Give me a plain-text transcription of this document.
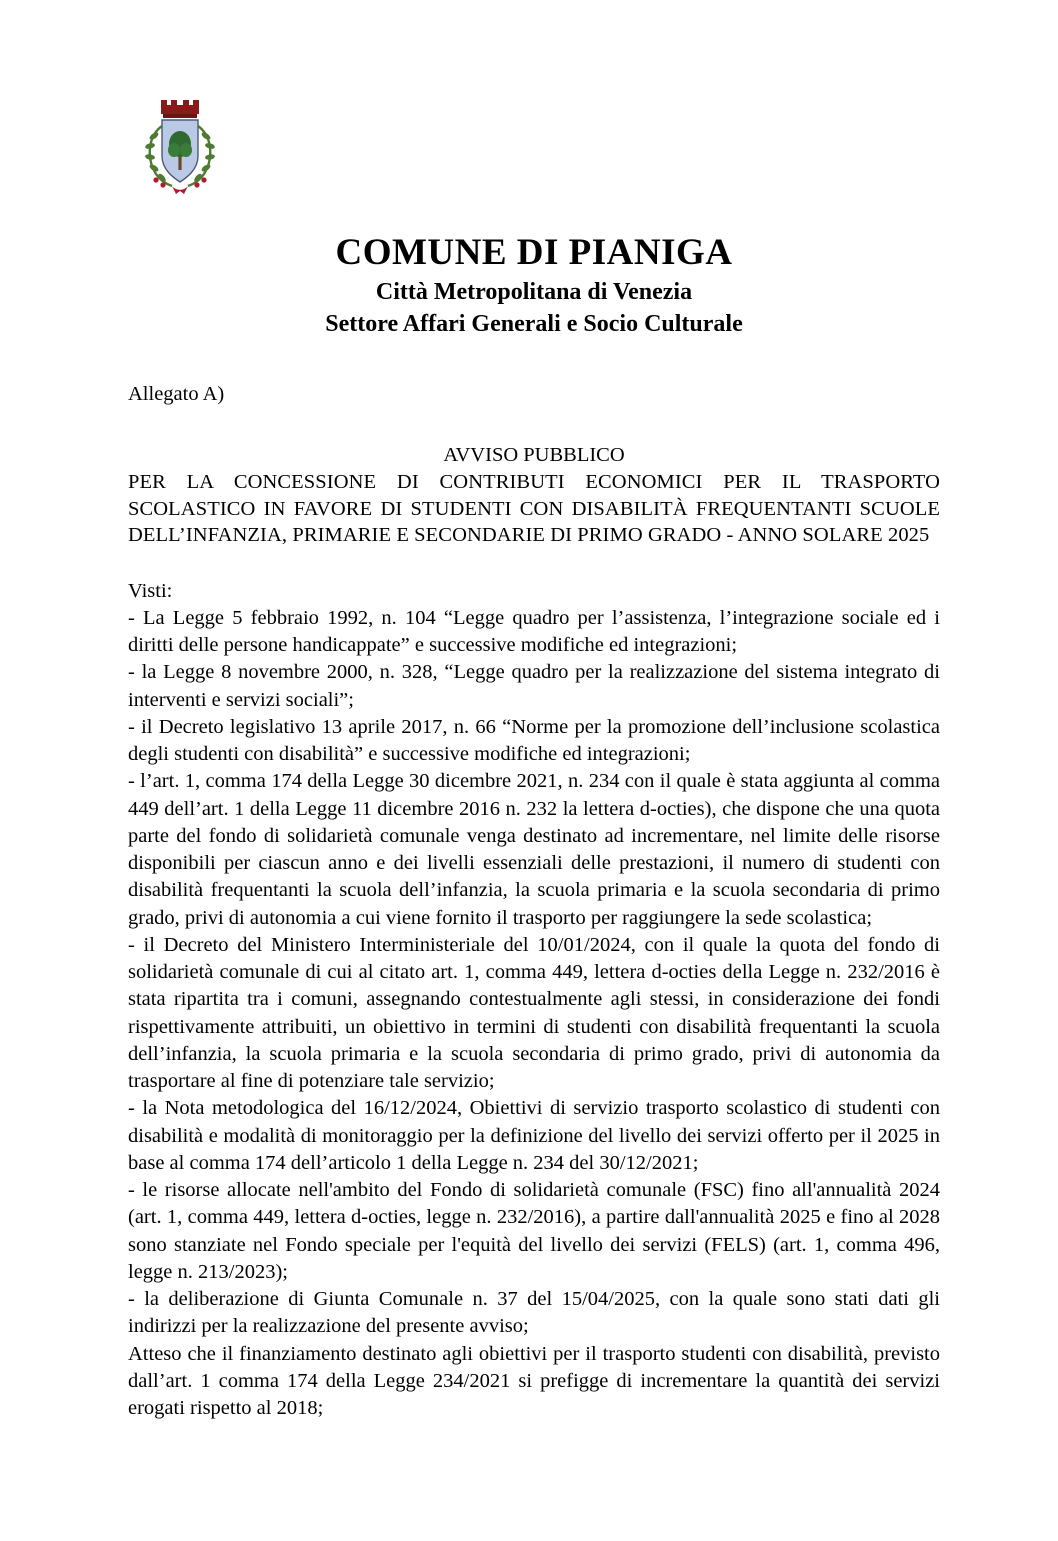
COMUNE DI PIANIGA
Città Metropolitana di Venezia
Settore Affari Generali e Socio Culturale

Allegato A)

AVVISO PUBBLICO

PER LA CONCESSIONE DI CONTRIBUTI ECONOMICI PER IL TRASPORTO SCOLASTICO IN FAVORE DI STUDENTI CON DISABILITÀ FREQUENTANTI SCUOLE DELL’INFANZIA, PRIMARIE E SECONDARIE DI PRIMO GRADO - ANNO SOLARE 2025

Visti:

- La Legge 5 febbraio 1992, n. 104 “Legge quadro per l’assistenza, l’integrazione sociale ed i diritti delle persone handicappate” e successive modifiche ed integrazioni;

- la Legge 8 novembre 2000, n. 328, “Legge quadro per la realizzazione del sistema integrato di interventi e servizi sociali”;

- il Decreto legislativo 13 aprile 2017, n. 66 “Norme per la promozione dell’inclusione scolastica degli studenti con disabilità” e successive modifiche ed integrazioni;

- l’art. 1, comma 174 della Legge 30 dicembre 2021, n. 234 con il quale è stata aggiunta al comma 449 dell’art. 1 della Legge 11 dicembre 2016 n. 232 la lettera d-octies), che dispone che una quota parte del fondo di solidarietà comunale venga destinato ad incrementare, nel limite delle risorse disponibili per ciascun anno e dei livelli essenziali delle prestazioni, il numero di studenti con disabilità frequentanti la scuola dell’infanzia, la scuola primaria e la scuola secondaria di primo grado, privi di autonomia a cui viene fornito il trasporto per raggiungere la sede scolastica;

- il Decreto del Ministero Interministeriale del 10/01/2024, con il quale la quota del fondo di solidarietà comunale di cui al citato art. 1, comma 449, lettera d-octies della Legge n. 232/2016 è stata ripartita tra i comuni, assegnando contestualmente agli stessi, in considerazione dei fondi rispettivamente attribuiti, un obiettivo in termini di studenti con disabilità frequentanti la scuola dell’infanzia, la scuola primaria e la scuola secondaria di primo grado, privi di autonomia da trasportare al fine di potenziare tale servizio;

- la Nota metodologica del 16/12/2024, Obiettivi di servizio trasporto scolastico di studenti con disabilità e modalità di monitoraggio per la definizione del livello dei servizi offerto per il 2025 in base al comma 174 dell’articolo 1 della Legge n. 234 del 30/12/2021;

- le risorse allocate nell'ambito del Fondo di solidarietà comunale (FSC) fino all'annualità 2024 (art. 1, comma 449, lettera d-octies, legge n. 232/2016), a partire dall'annualità 2025 e fino al 2028 sono stanziate nel Fondo speciale per l'equità del livello dei servizi (FELS) (art. 1, comma 496, legge n. 213/2023);

- la deliberazione di Giunta Comunale n. 37 del 15/04/2025, con la quale sono stati dati gli indirizzi per la realizzazione del presente avviso;

Atteso che il finanziamento destinato agli obiettivi per il trasporto studenti con disabilità, previsto dall’art. 1 comma 174 della Legge 234/2021 si prefigge di incrementare la quantità dei servizi erogati rispetto al 2018;
